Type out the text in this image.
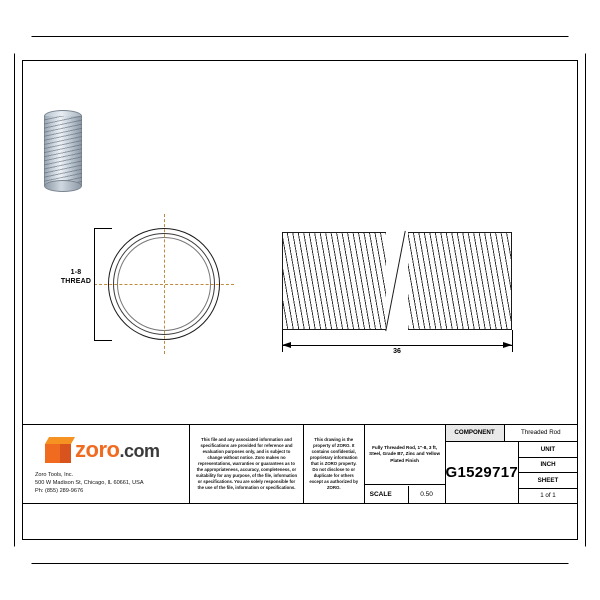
1-8
THREAD
36
zoro.com
Zoro Tools, Inc.
500 W Madison St, Chicago, IL 60661, USA
Ph: (855) 289-9676
This file and any associated information and specifications are provided for reference and evaluation purposes only, and is subject to change without notice. Zoro makes no representations, warranties or guarantees as to the appropriateness, accuracy, completeness, or suitability for any purpose, of the file, information or specifications. You are solely responsible for the use of the file, information or specifications.
This drawing is the property of ZORO. It contains confidential, proprietary information that is ZORO property. Do not disclose to or duplicate for others except as authorized by ZORO.
Fully Threaded Rod, 1"-8, 3 ft, Steel, Grade B7, Zinc and Yellow Plated Finish
SCALE	0.50
COMPONENT	Threaded Rod
G1529717
UNIT
INCH
SHEET
1 of 1
